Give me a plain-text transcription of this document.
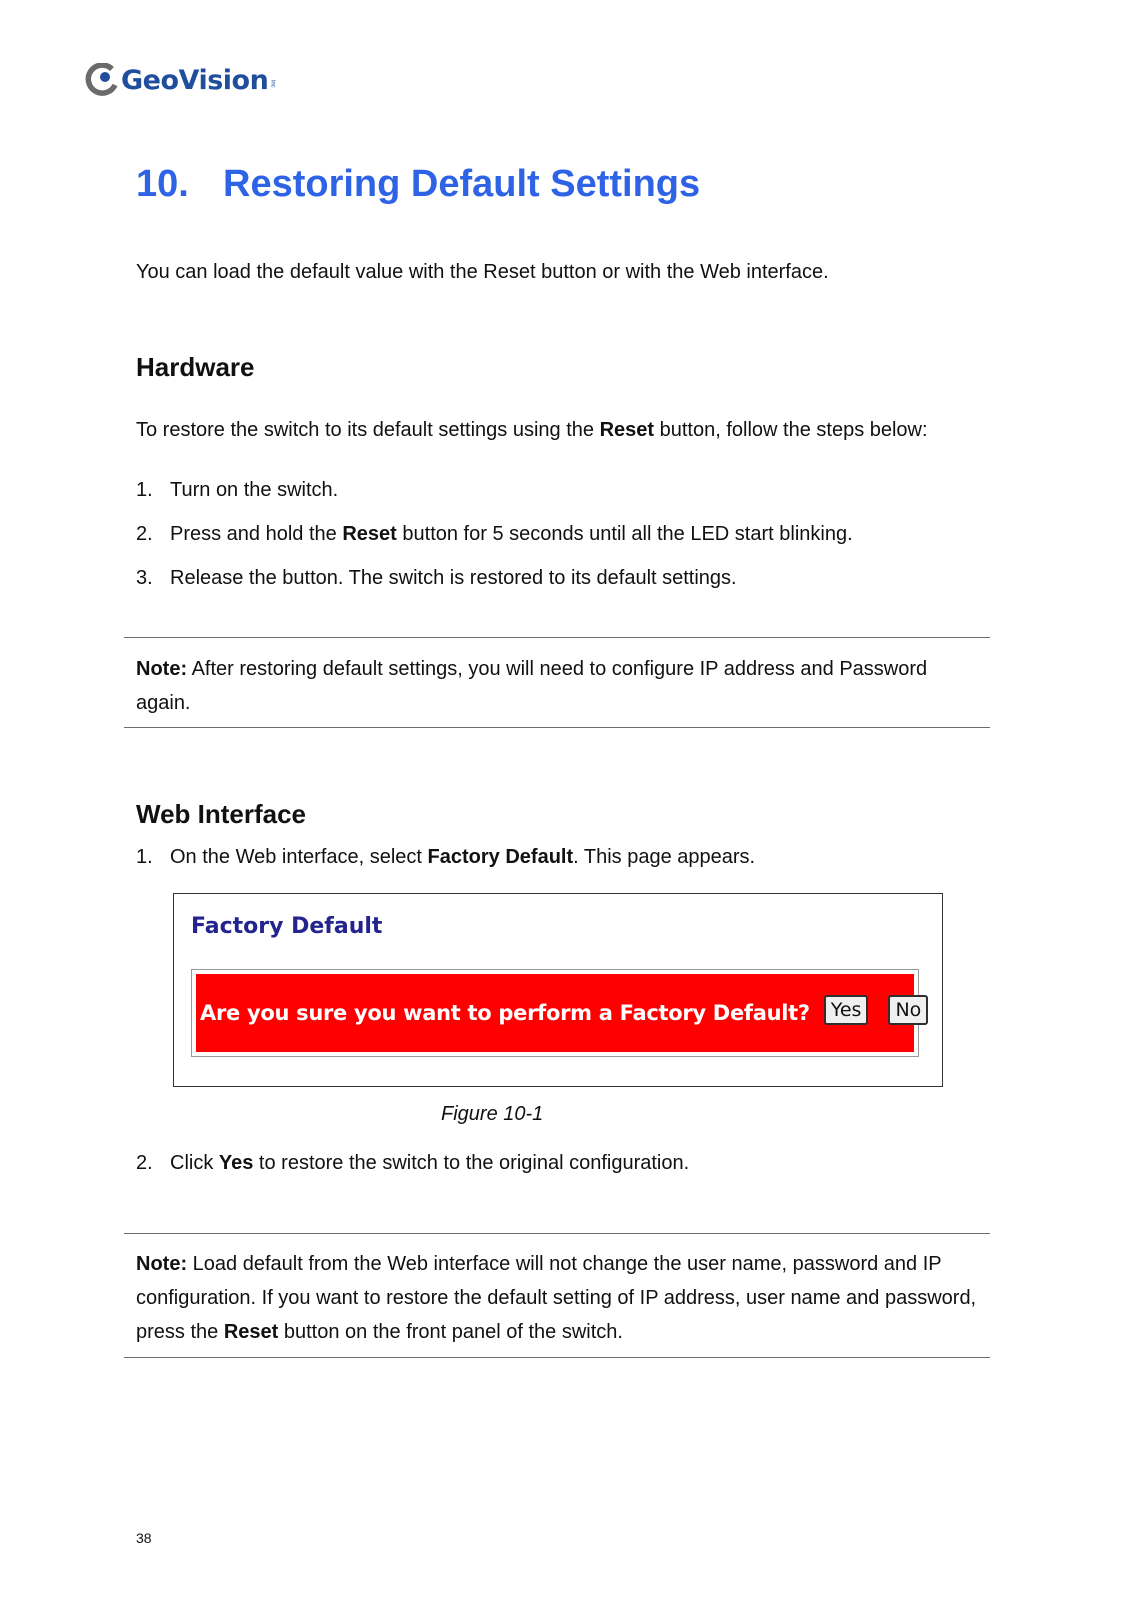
GeoVision inc
10. Restoring Default Settings
You can load the default value with the Reset button or with the Web interface.
Hardware
To restore the switch to its default settings using the Reset button, follow the steps below:
1. Turn on the switch.
2. Press and hold the Reset button for 5 seconds until all the LED start blinking.
3. Release the button. The switch is restored to its default settings.
Note: After restoring default settings, you will need to configure IP address and Password again.
Web Interface
1. On the Web interface, select Factory Default. This page appears.
Factory Default
Are you sure you want to perform a Factory Default?	Yes	No
Figure 10-1
2. Click Yes to restore the switch to the original configuration.
Note: Load default from the Web interface will not change the user name, password and IP configuration. If you want to restore the default setting of IP address, user name and password, press the Reset button on the front panel of the switch.
38
